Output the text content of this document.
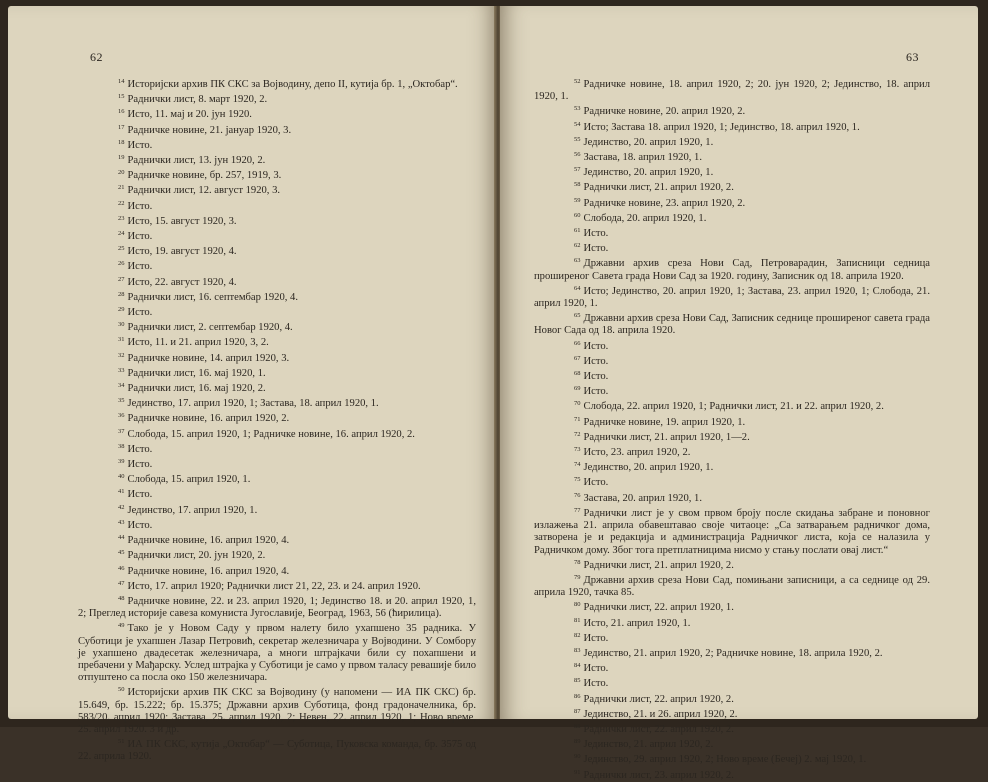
62

$^{14}$ Историјски архив ПК СКС за Војводину, депо II, кутија бр. 1, „Октобар“.

$^{15}$ Раднички лист, 8. март 1920, 2.

$^{16}$ Исто, 11. мај и 20. јун 1920.

$^{17}$ Радничке новине, 21. јануар 1920, 3.

$^{18}$ Исто.

$^{19}$ Раднички лист, 13. јун 1920, 2.

$^{20}$ Радничке новине, бр. 257, 1919, 3.

$^{21}$ Раднички лист, 12. август 1920, 3.

$^{22}$ Исто.

$^{23}$ Исто, 15. август 1920, 3.

$^{24}$ Исто.

$^{25}$ Исто, 19. август 1920, 4.

$^{26}$ Исто.

$^{27}$ Исто, 22. август 1920, 4.

$^{28}$ Раднички лист, 16. септембар 1920, 4.

$^{29}$ Исто.

$^{30}$ Раднички лист, 2. септембар 1920, 4.

$^{31}$ Исто, 11. и 21. април 1920, 3, 2.

$^{32}$ Радничке новине, 14. април 1920, 3.

$^{33}$ Раднички лист, 16. мај 1920, 1.

$^{34}$ Раднички лист, 16. мај 1920, 2.

$^{35}$ Јединство, 17. април 1920, 1; Застава, 18. април 1920, 1.

$^{36}$ Радничке новине, 16. април 1920, 2.

$^{37}$ Слобода, 15. април 1920, 1; Радничке новине, 16. април 1920, 2.

$^{38}$ Исто.

$^{39}$ Исто.

$^{40}$ Слобода, 15. април 1920, 1.

$^{41}$ Исто.

$^{42}$ Јединство, 17. април 1920, 1.

$^{43}$ Исто.

$^{44}$ Радничке новине, 16. април 1920, 4.

$^{45}$ Раднички лист, 20. јун 1920, 2.

$^{46}$ Радничке новине, 16. април 1920, 4.

$^{47}$ Исто, 17. април 1920; Раднички лист 21, 22, 23. и 24. април 1920.

$^{48}$ Радничке новине, 22. и 23. април 1920, 1; Јединство 18. и 20. април 1920, 1, 2; Преглед историје савеза комуниста Југославије, Београд, 1963, 56 (ћирилица).

$^{49}$ Тако је у Новом Саду у првом налету било ухапшено 35 радника. У Суботици је ухапшен Лазар Петровић, секретар железничара у Војводини. У Сомбору је ухапшено двадесетак железничара, а многи штрајкачи били су похапшени и пребачени у Мађарску. Услед штрајка у Суботици је само у првом таласу ревашије било отпуштено са посла око 150 железничара.

$^{50}$ Историјски архив ПК СКС за Војводину (у напомени — ИА ПК СКС) бр. 15.649, бр. 15.222; бр. 15.375; Државни архив Суботица, фонд градоначелника, бр. 583/20. април 1920; Застава, 25. април 1920, 2; Невен, 22. април 1920, 1; Ново време, 25. април 1920. 3 и др.

$^{51}$ ИА ПК СКС, кутија „Октобар“ — Суботица, Пуковска команда, бр. 3575 од 22. априла 1920.

63

$^{52}$ Радничке новине, 18. април 1920, 2; 20. јун 1920, 2; Јединство, 18. април 1920, 1.

$^{53}$ Радничке новине, 20. април 1920, 2.

$^{54}$ Исто; Застава 18. април 1920, 1; Јединство, 18. април 1920, 1.

$^{55}$ Јединство, 20. април 1920, 1.

$^{56}$ Застава, 18. април 1920, 1.

$^{57}$ Јединство, 20. април 1920, 1.

$^{58}$ Раднички лист, 21. април 1920, 2.

$^{59}$ Радничке новине, 23. април 1920, 2.

$^{60}$ Слобода, 20. април 1920, 1.

$^{61}$ Исто.

$^{62}$ Исто.

$^{63}$ Државни архив среза Нови Сад, Петроварадин, Записници седница проширеног Савета града Нови Сад за 1920. годину, Записник од 18. априла 1920.

$^{64}$ Исто; Јединство, 20. април 1920, 1; Застава, 23. април 1920, 1; Слобода, 21. април 1920, 1.

$^{65}$ Државни архив среза Нови Сад, Записник седнице проширеног савета града Новог Сада од 18. априла 1920.

$^{66}$ Исто.

$^{67}$ Исто.

$^{68}$ Исто.

$^{69}$ Исто.

$^{70}$ Слобода, 22. април 1920, 1; Раднички лист, 21. и 22. април 1920, 2.

$^{71}$ Радничке новине, 19. април 1920, 1.

$^{72}$ Раднички лист, 21. април 1920, 1—2.

$^{73}$ Исто, 23. април 1920, 2.

$^{74}$ Јединство, 20. април 1920, 1.

$^{75}$ Исто.

$^{76}$ Застава, 20. април 1920, 1.

$^{77}$ Раднички лист је у свом првом броју после скидања забране и поновног излажења 21. априла обавештавао своје читаоце: „Са затварањем радничког дома, затворена је и редакција и администрација Радничког листа, која се налазила у Радничком дому. Због тога претплатницима нисмо у стању послати овај лист.“

$^{78}$ Раднички лист, 21. април 1920, 2.

$^{79}$ Државни архив среза Нови Сад, помињани записници, а са седнице од 29. априла 1920, тачка 85.

$^{80}$ Раднички лист, 22. април 1920, 1.

$^{81}$ Исто, 21. април 1920, 1.

$^{82}$ Исто.

$^{83}$ Јединство, 21. април 1920, 2; Радничке новине, 18. априла 1920, 2.

$^{84}$ Исто.

$^{85}$ Исто.

$^{86}$ Раднички лист, 22. април 1920, 2.

$^{87}$ Јединство, 21. и 26. април 1920, 2.

$^{88}$ Раднички лист, 22. април 1920, 2.

$^{89}$ Јединство, 21. април 1920, 2.

$^{90}$ Јединство, 29. април 1920, 2; Ново време (Бечеј) 2. мај 1920, 1.

$^{91}$ Раднички лист, 23. април 1920, 2.
